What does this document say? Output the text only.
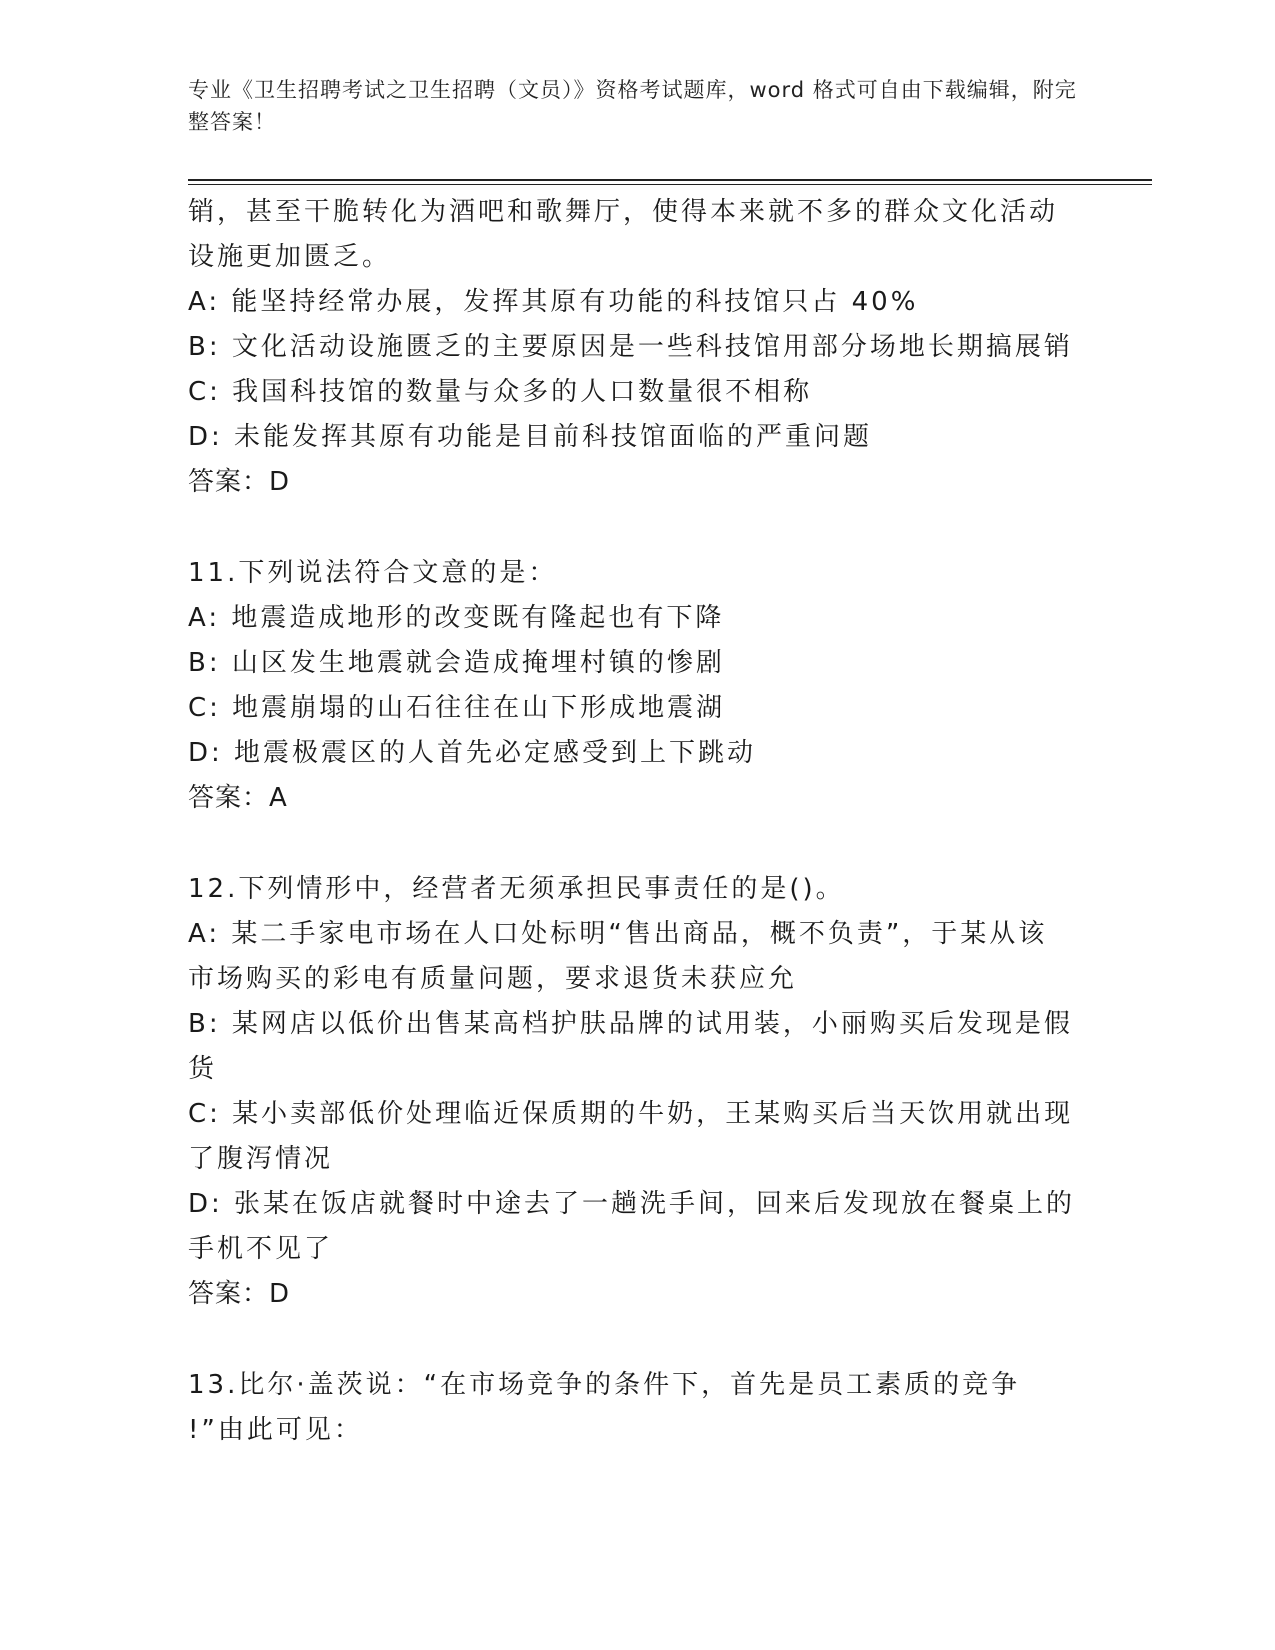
专业《卫生招聘考试之卫生招聘（文员）》资格考试题库，word 格式可自由下载编辑，附完整答案！
销，甚至干脆转化为酒吧和歌舞厅，使得本来就不多的群众文化活动
设施更加匮乏。
A: 能坚持经常办展，发挥其原有功能的科技馆只占 40%
B: 文化活动设施匮乏的主要原因是一些科技馆用部分场地长期搞展销
C: 我国科技馆的数量与众多的人口数量很不相称
D: 未能发挥其原有功能是目前科技馆面临的严重问题
答案：D
11.下列说法符合文意的是：
A: 地震造成地形的改变既有隆起也有下降
B: 山区发生地震就会造成掩埋村镇的惨剧
C: 地震崩塌的山石往往在山下形成地震湖
D: 地震极震区的人首先必定感受到上下跳动
答案：A
12.下列情形中，经营者无须承担民事责任的是()。
A: 某二手家电市场在人口处标明“售出商品，概不负责”，于某从该
市场购买的彩电有质量问题，要求退货未获应允
B: 某网店以低价出售某高档护肤品牌的试用装，小丽购买后发现是假
货
C: 某小卖部低价处理临近保质期的牛奶，王某购买后当天饮用就出现
了腹泻情况
D: 张某在饭店就餐时中途去了一趟洗手间，回来后发现放在餐桌上的
手机不见了
答案：D
13.比尔·盖茨说：“在市场竞争的条件下，首先是员工素质的竞争
!”由此可见：
